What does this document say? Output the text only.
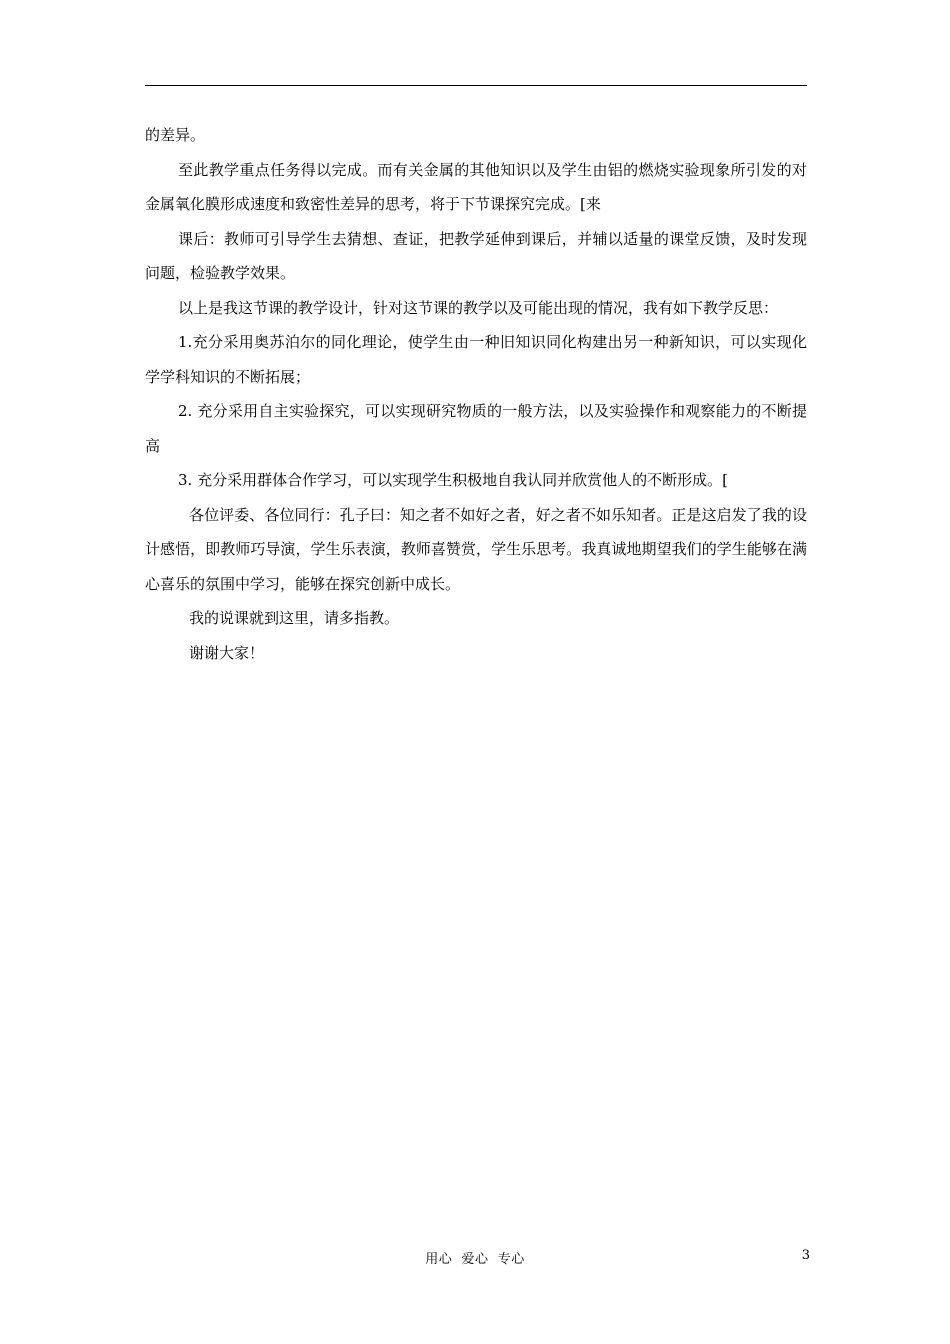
的差异。

至此教学重点任务得以完成。而有关金属的其他知识以及学生由铝的燃烧实验现象所引发的对金属氧化膜形成速度和致密性差异的思考，将于下节课探究完成。[来

课后：教师可引导学生去猜想、查证，把教学延伸到课后，并辅以适量的课堂反馈，及时发现问题，检验教学效果。

以上是我这节课的教学设计，针对这节课的教学以及可能出现的情况，我有如下教学反思：

1.充分采用奥苏泊尔的同化理论，使学生由一种旧知识同化构建出另一种新知识，可以实现化学学科知识的不断拓展；

2. 充分采用自主实验探究，可以实现研究物质的一般方法，以及实验操作和观察能力的不断提高

3. 充分采用群体合作学习，可以实现学生积极地自我认同并欣赏他人的不断形成。[

各位评委、各位同行：孔子曰：知之者不如好之者，好之者不如乐知者。正是这启发了我的设计感悟，即教师巧导演，学生乐表演，教师喜赞赏，学生乐思考。我真诚地期望我们的学生能够在满心喜乐的氛围中学习，能够在探究创新中成长。

我的说课就到这里，请多指教。

谢谢大家！

用心  爱心  专心	3
